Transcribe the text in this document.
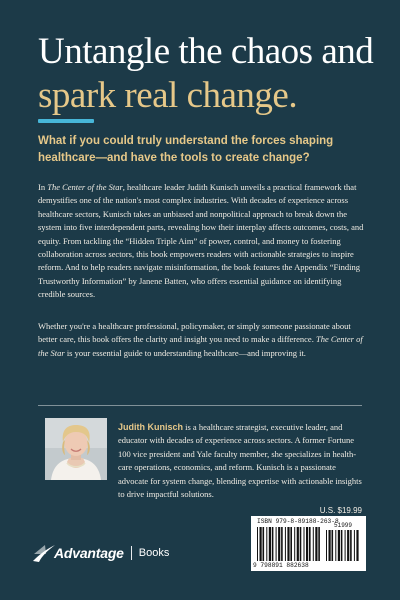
Untangle the chaos and
spark real change.

What if you could truly understand the forces shaping healthcare—and have the tools to create change?

In The Center of the Star, healthcare leader Judith Kunisch unveils a practical framework that demystifies one of the nation's most complex industries. With decades of experience across healthcare sectors, Kunisch takes an unbiased and nonpolitical approach to break down the system into five interdependent parts, revealing how their interplay affects outcomes, costs, and equity. From tackling the “Hidden Triple Aim” of power, control, and money to fostering collaboration across sectors, this book empowers readers with actionable strategies to inspire reform. And to help readers navigate misinformation, the book features the Appendix “Finding Trustworthy Information” by Janene Batten, who offers essential guidance on identifying credible sources.

Whether you're a healthcare professional, policymaker, or simply someone passionate about better care, this book offers the clarity and insight you need to make a difference. The Center of the Star is your essential guide to understanding healthcare—and improving it.

Judith Kunisch is a healthcare strategist, executive leader, and educator with decades of experience across sectors. A former Fortune 100 vice president and Yale faculty member, she specializes in health-care operations, economics, and reform. Kunisch is a passionate advocate for system change, blending expertise with actionable insights to drive impactful solutions.

U.S. $19.99
ISBN 979-8-89188-263-8
51999
9 798891 882638
Advantage Books
